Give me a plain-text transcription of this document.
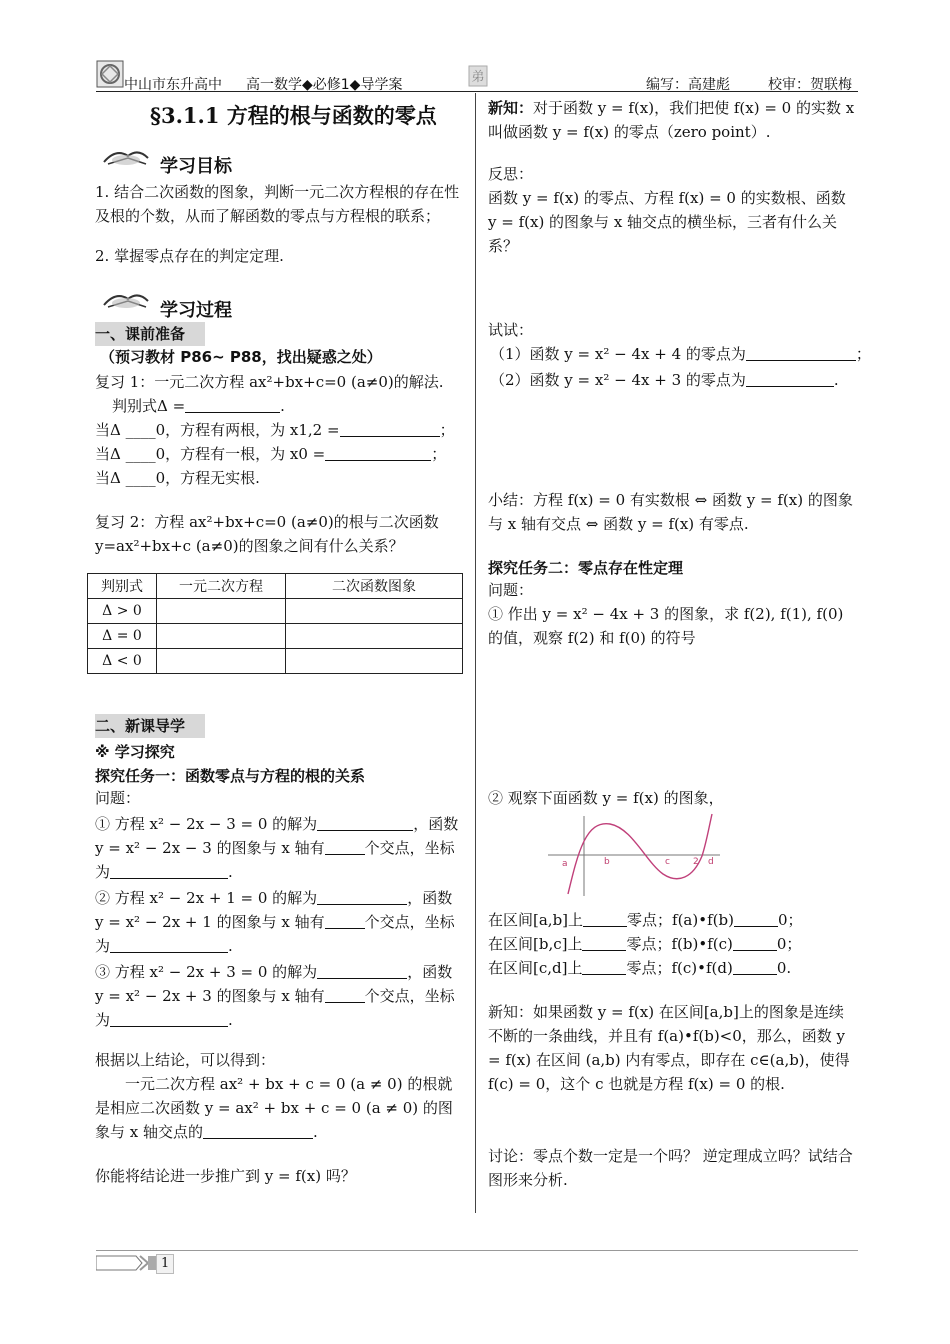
中山市东升高中 高一数学◆必修1◆导学案	弟	编写：高建彪	校审：贺联梅
§3.1.1 方程的根与函数的零点
学习目标
1. 结合二次函数的图象，判断一元二次方程根的存在性及根的个数，从而了解函数的零点与方程根的联系；
2. 掌握零点存在的判定定理.
学习过程
一、课前准备
（预习教材 P86~ P88，找出疑惑之处）
复习 1：一元二次方程 ax²+bx+c=0 (a≠0)的解法.
判别式Δ =	.
当Δ ____0，方程有两根，为 x1,2 =	；
当Δ ____0，方程有一根，为 x0 =	；
当Δ ____0，方程无实根.
复习 2：方程 ax²+bx+c=0 (a≠0)的根与二次函数
y=ax²+bx+c (a≠0)的图象之间有什么关系？
判别式	一元二次方程	二次函数图象
Δ > 0		
Δ = 0		
Δ < 0		
二、新课导学
※ 学习探究
探究任务一：函数零点与方程的根的关系
问题：
① 方程 x² − 2x − 3 = 0 的解为	，函数
y = x² − 2x − 3 的图象与 x 轴有	个交点，坐标
为	.
② 方程 x² − 2x + 1 = 0 的解为	，函数
y = x² − 2x + 1 的图象与 x 轴有	个交点，坐标
为	.
③ 方程 x² − 2x + 3 = 0 的解为	，函数
y = x² − 2x + 3 的图象与 x 轴有	个交点，坐标
为	.
根据以上结论，可以得到：
一元二次方程 ax² + bx + c = 0 (a ≠ 0) 的根就是相应二次函数 y = ax² + bx + c = 0 (a ≠ 0) 的图象与 x 轴交点的	.
你能将结论进一步推广到 y = f(x) 吗？
新知：对于函数 y = f(x)，我们把使 f(x) = 0 的实数 x 叫做函数 y = f(x) 的零点（zero point）.
反思：
函数 y = f(x) 的零点、方程 f(x) = 0 的实数根、函数 y = f(x) 的图象与 x 轴交点的横坐标，三者有什么关系？
试试：
（1）函数 y = x² − 4x + 4 的零点为	；
（2）函数 y = x² − 4x + 3 的零点为	.
小结：方程 f(x) = 0 有实数根 ⇔ 函数 y = f(x) 的图象与 x 轴有交点 ⇔ 函数 y = f(x) 有零点.
探究任务二：零点存在性定理
问题：
① 作出 y = x² − 4x + 3 的图象，求 f(2), f(1), f(0) 的值，观察 f(2) 和 f(0) 的符号
② 观察下面函数 y = f(x) 的图象，
a	b	c	2 d
在区间[a,b]上	零点；f(a)•f(b)	0；
在区间[b,c]上	零点；f(b)•f(c)	0；
在区间[c,d]上	零点；f(c)•f(d)	0.
新知：如果函数 y = f(x) 在区间[a,b]上的图象是连续不断的一条曲线，并且有 f(a)•f(b)<0，那么，函数 y = f(x) 在区间 (a,b) 内有零点，即存在 c∈(a,b)，使得 f(c) = 0，这个 c 也就是方程 f(x) = 0 的根.
讨论：零点个数一定是一个吗？ 逆定理成立吗？试结合图形来分析.
1
